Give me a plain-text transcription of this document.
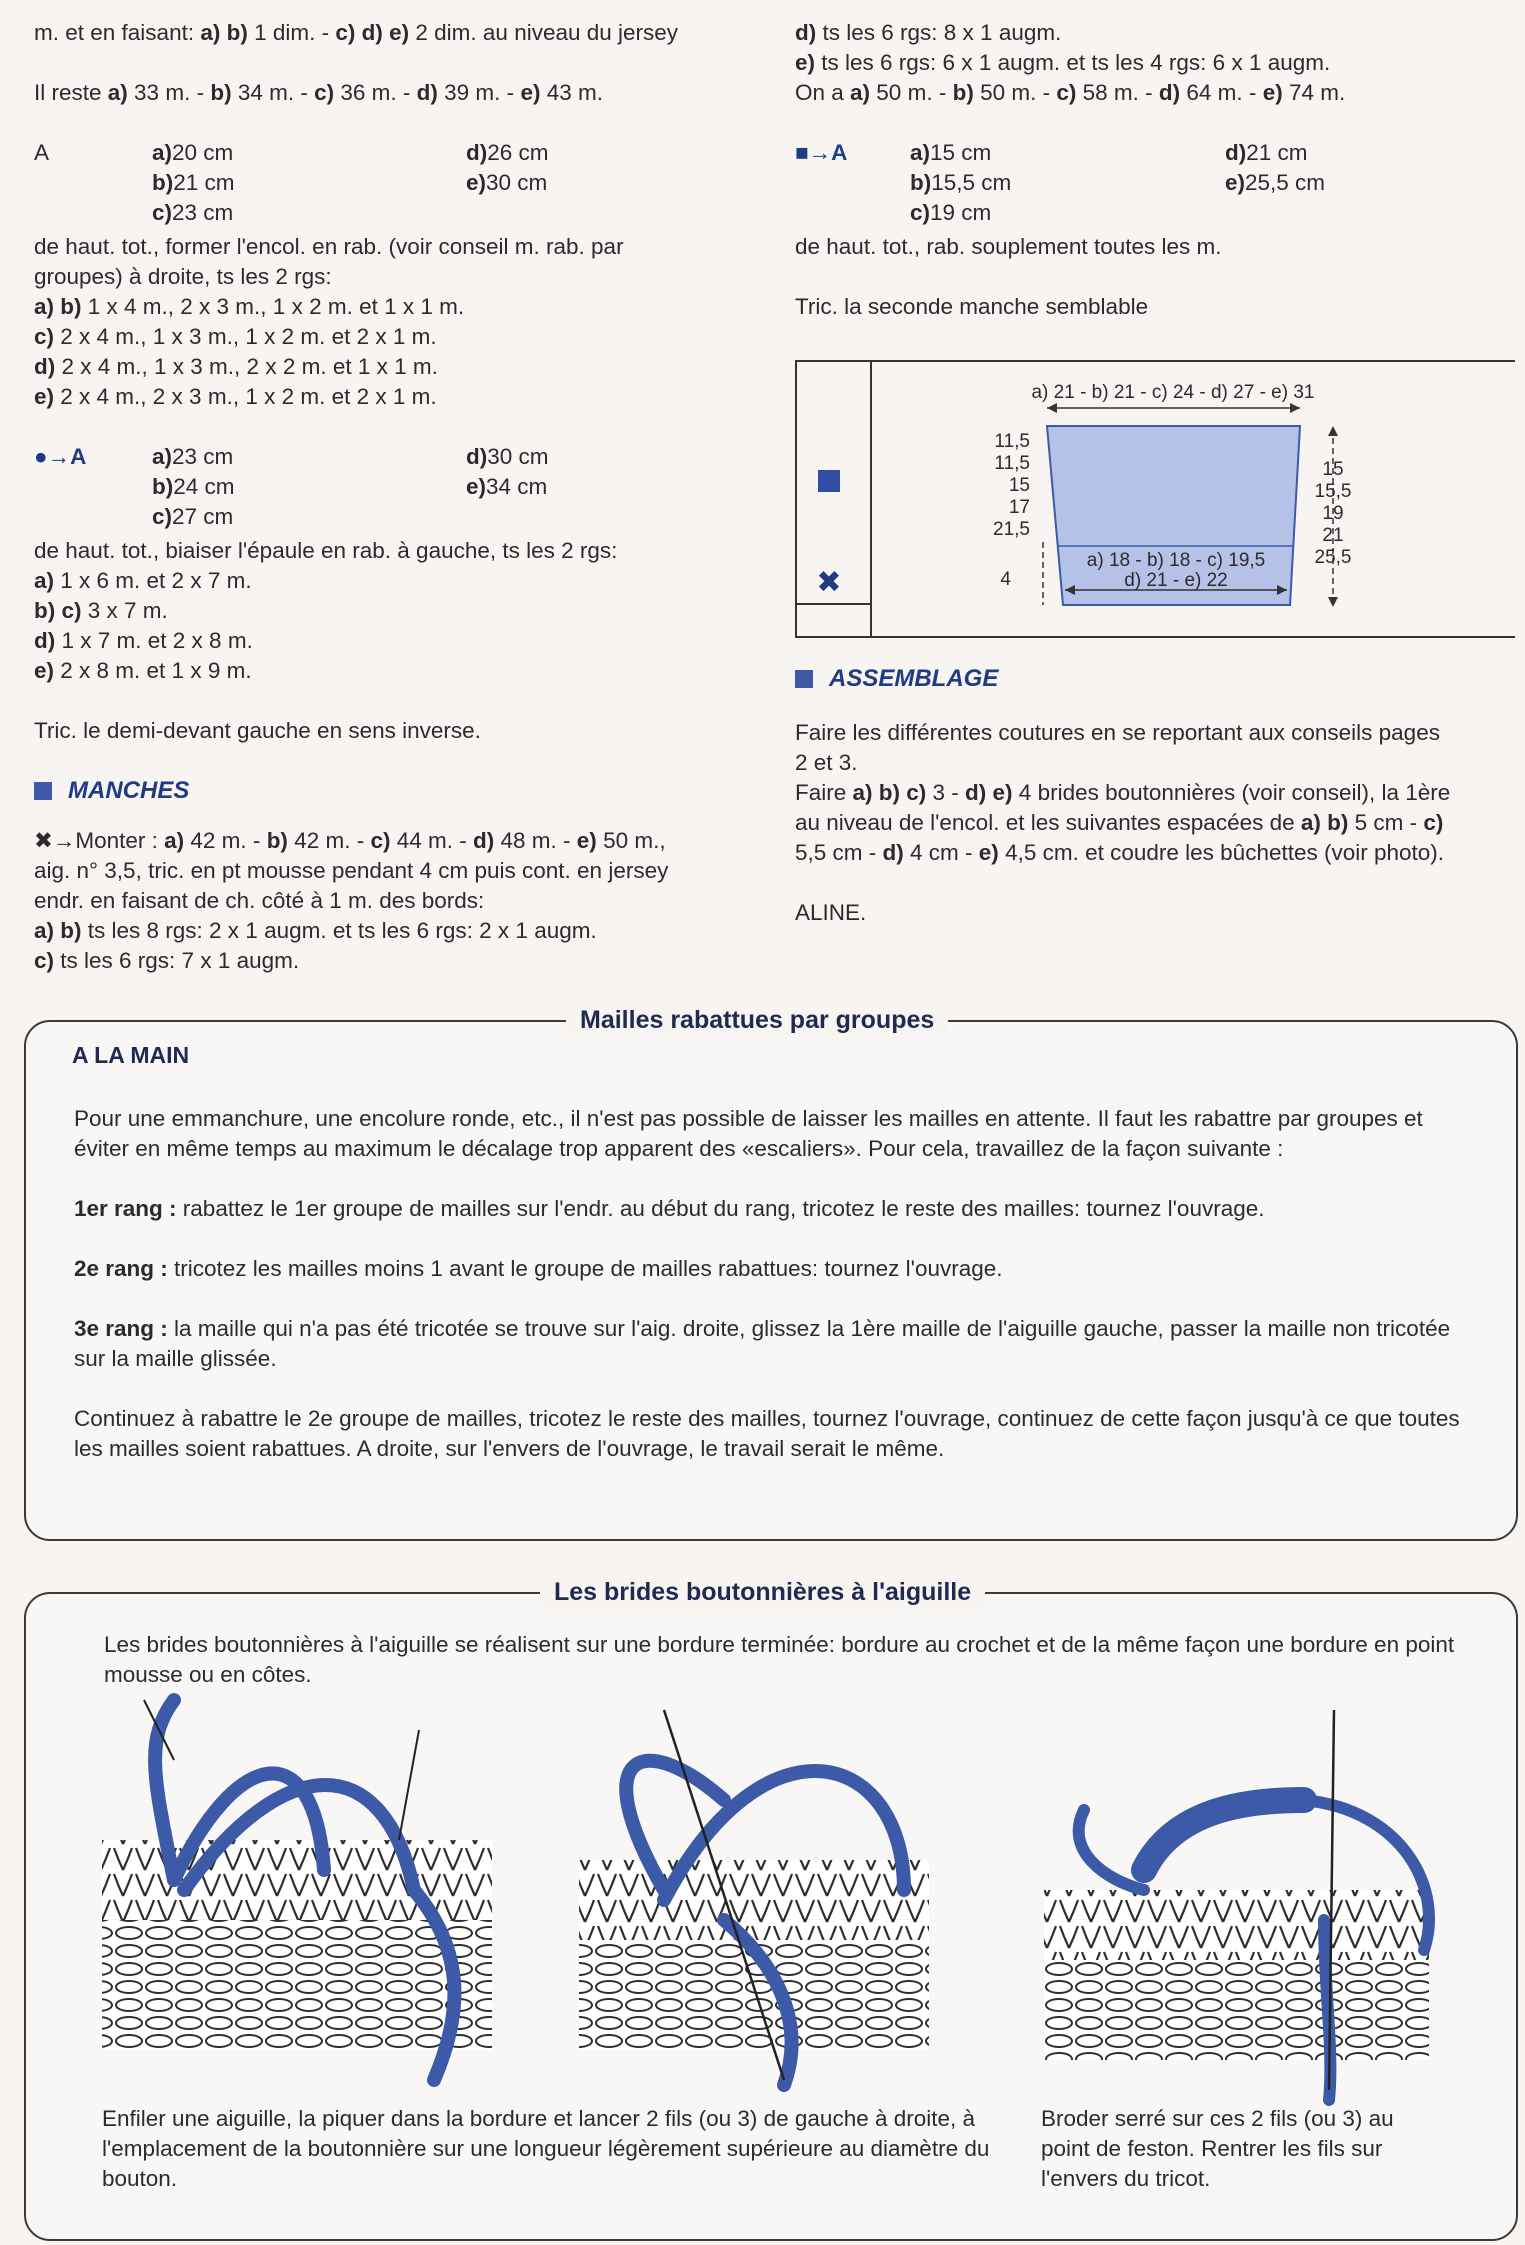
m. et en faisant: a) b) 1 dim. - c) d) e) 2 dim. au niveau du jersey
Il reste a) 33 m. - b) 34 m. - c) 36 m. - d) 39 m. - e) 43 m.
A	a) 20 cm
b) 21 cm
c) 23 cm
d) 26 cm
e) 30 cm
de haut. tot., former l'encol. en rab. (voir conseil m. rab. par
groupes) à droite, ts les 2 rgs:
a) b) 1 x 4 m., 2 x 3 m., 1 x 2 m. et 1 x 1 m.
c) 2 x 4 m., 1 x 3 m., 1 x 2 m. et 2 x 1 m.
d) 2 x 4 m., 1 x 3 m., 2 x 2 m. et 1 x 1 m.
e) 2 x 4 m., 2 x 3 m., 1 x 2 m. et 2 x 1 m.
●→A	a) 23 cm
b) 24 cm
c) 27 cm
d) 30 cm
e) 34 cm
de haut. tot., biaiser l'épaule en rab. à gauche, ts les 2 rgs:
a) 1 x 6 m. et 2 x 7 m.
b) c) 3 x 7 m.
d) 1 x 7 m. et 2 x 8 m.
e) 2 x 8 m. et 1 x 9 m.
Tric. le demi-devant gauche en sens inverse.
MANCHES
✖→Monter : a) 42 m. - b) 42 m. - c) 44 m. - d) 48 m. - e) 50 m.,
aig. n° 3,5, tric. en pt mousse pendant 4 cm puis cont. en jersey
endr. en faisant de ch. côté à 1 m. des bords:
a) b) ts les 8 rgs: 2 x 1 augm. et ts les 6 rgs: 2 x 1 augm.
c) ts les 6 rgs: 7 x 1 augm.
d) ts les 6 rgs: 8 x 1 augm.
e) ts les 6 rgs: 6 x 1 augm. et ts les 4 rgs: 6 x 1 augm.
On a a) 50 m. - b) 50 m. - c) 58 m. - d) 64 m. - e) 74 m.
■→A	a) 15 cm
b) 15,5 cm
c) 19 cm
d) 21 cm
e) 25,5 cm
de haut. tot., rab. souplement toutes les m.
Tric. la seconde manche semblable
✖
a) 21 - b) 21 - c) 24 - d) 27 - e) 31
15
15,5
19
21
25,5
11,5
11,5
15
17
21,5
4
a) 18 - b) 18 - c) 19,5
d) 21 - e) 22
ASSEMBLAGE
Faire les différentes coutures en se reportant aux conseils pages
2 et 3.
Faire a) b) c) 3 - d) e) 4 brides boutonnières (voir conseil), la 1ère
au niveau de l'encol. et les suivantes espacées de a) b) 5 cm - c)
5,5 cm - d) 4 cm - e) 4,5 cm. et coudre les bûchettes (voir photo).
ALINE.
Mailles rabattues par groupes
A LA MAIN

Pour une emmanchure, une encolure ronde, etc., il n'est pas possible de laisser les mailles en attente. Il faut les rabattre par groupes et éviter en même temps au maximum le décalage trop apparent des «escaliers». Pour cela, travaillez de la façon suivante :

1er rang : rabattez le 1er groupe de mailles sur l'endr. au début du rang, tricotez le reste des mailles: tournez l'ouvrage.

2e rang : tricotez les mailles moins 1 avant le groupe de mailles rabattues: tournez l'ouvrage.

3e rang : la maille qui n'a pas été tricotée se trouve sur l'aig. droite, glissez la 1ère maille de l'aiguille gauche, passer la maille non tricotée sur la maille glissée.

Continuez à rabattre le 2e groupe de mailles, tricotez le reste des mailles, tournez l'ouvrage, continuez de cette façon jusqu'à ce que toutes les mailles soient rabattues. A droite, sur l'envers de l'ouvrage, le travail serait le même.

Les brides boutonnières à l'aiguille
Les brides boutonnières à l'aiguille se réalisent sur une bordure terminée: bordure au crochet et de la même façon une bordure en point mousse ou en côtes.
Enfiler une aiguille, la piquer dans la bordure et lancer 2 fils (ou 3) de gauche à droite, à l'emplacement de la boutonnière sur une longueur légèrement supérieure au diamètre du bouton.
Broder serré sur ces 2 fils (ou 3) au point de feston. Rentrer les fils sur l'envers du tricot.
